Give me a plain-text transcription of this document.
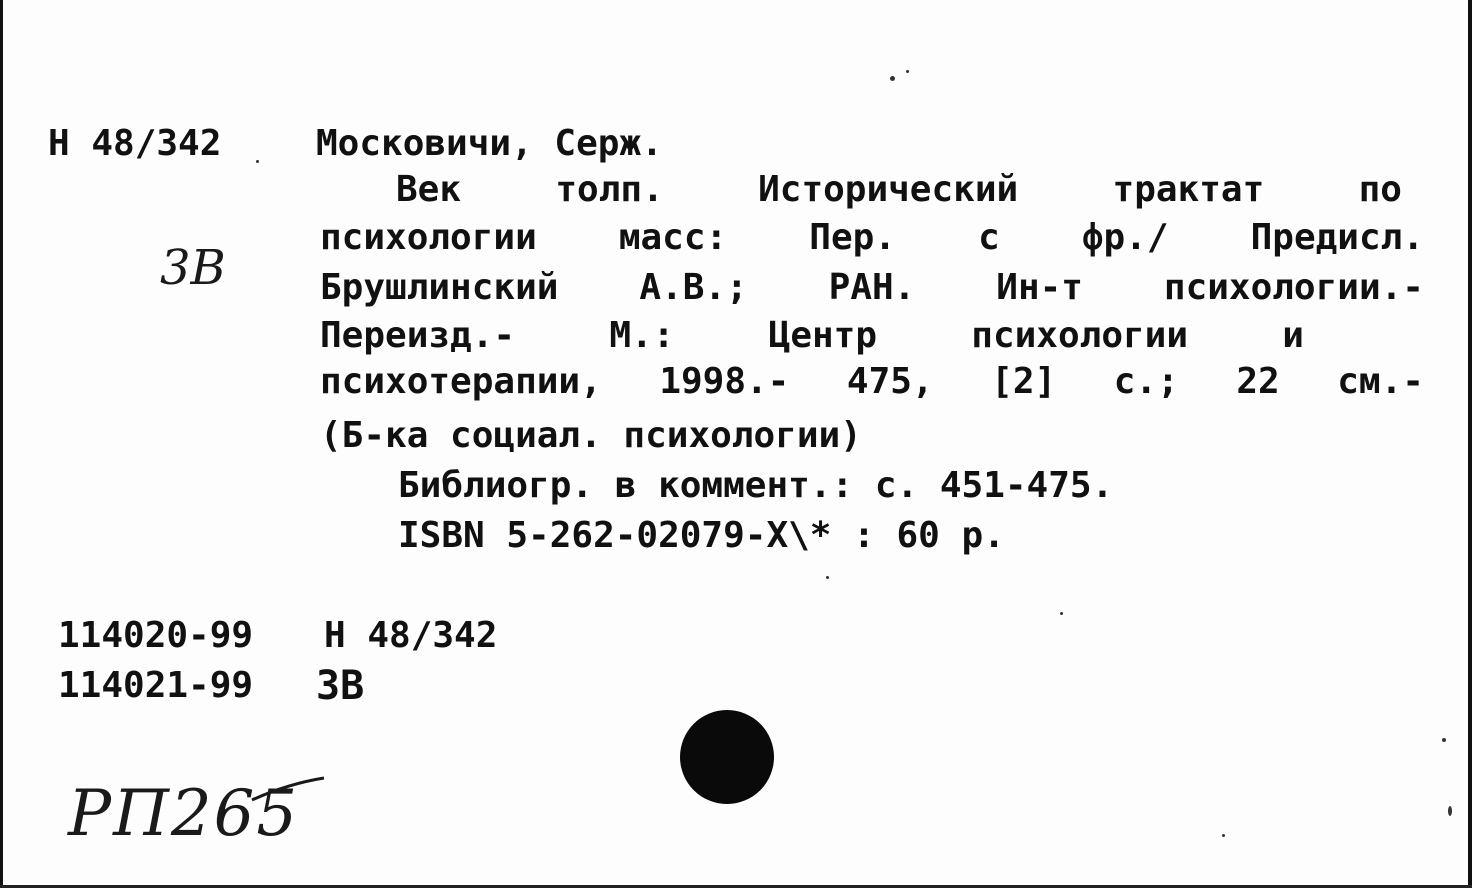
Н 48/342
3В
Московичи, Серж.
Век	толп.	Исторический	трактат	по
психологии масс: Пер. с фр./ Предисл.
Брушлинский А.В.; РАН. Ин-т психологии.-
Переизд.-	М.:	Центр	психологии	и
психотерапии, 1998.- 475, [2] с.; 22 см.-
(Б-ка социал. психологии)
Библиогр. в коммент.: с. 451-475.
ISBN 5-262-02079-X\* : 60 р.
114020-99 Н 48/342
114021-99 3В
РП265
